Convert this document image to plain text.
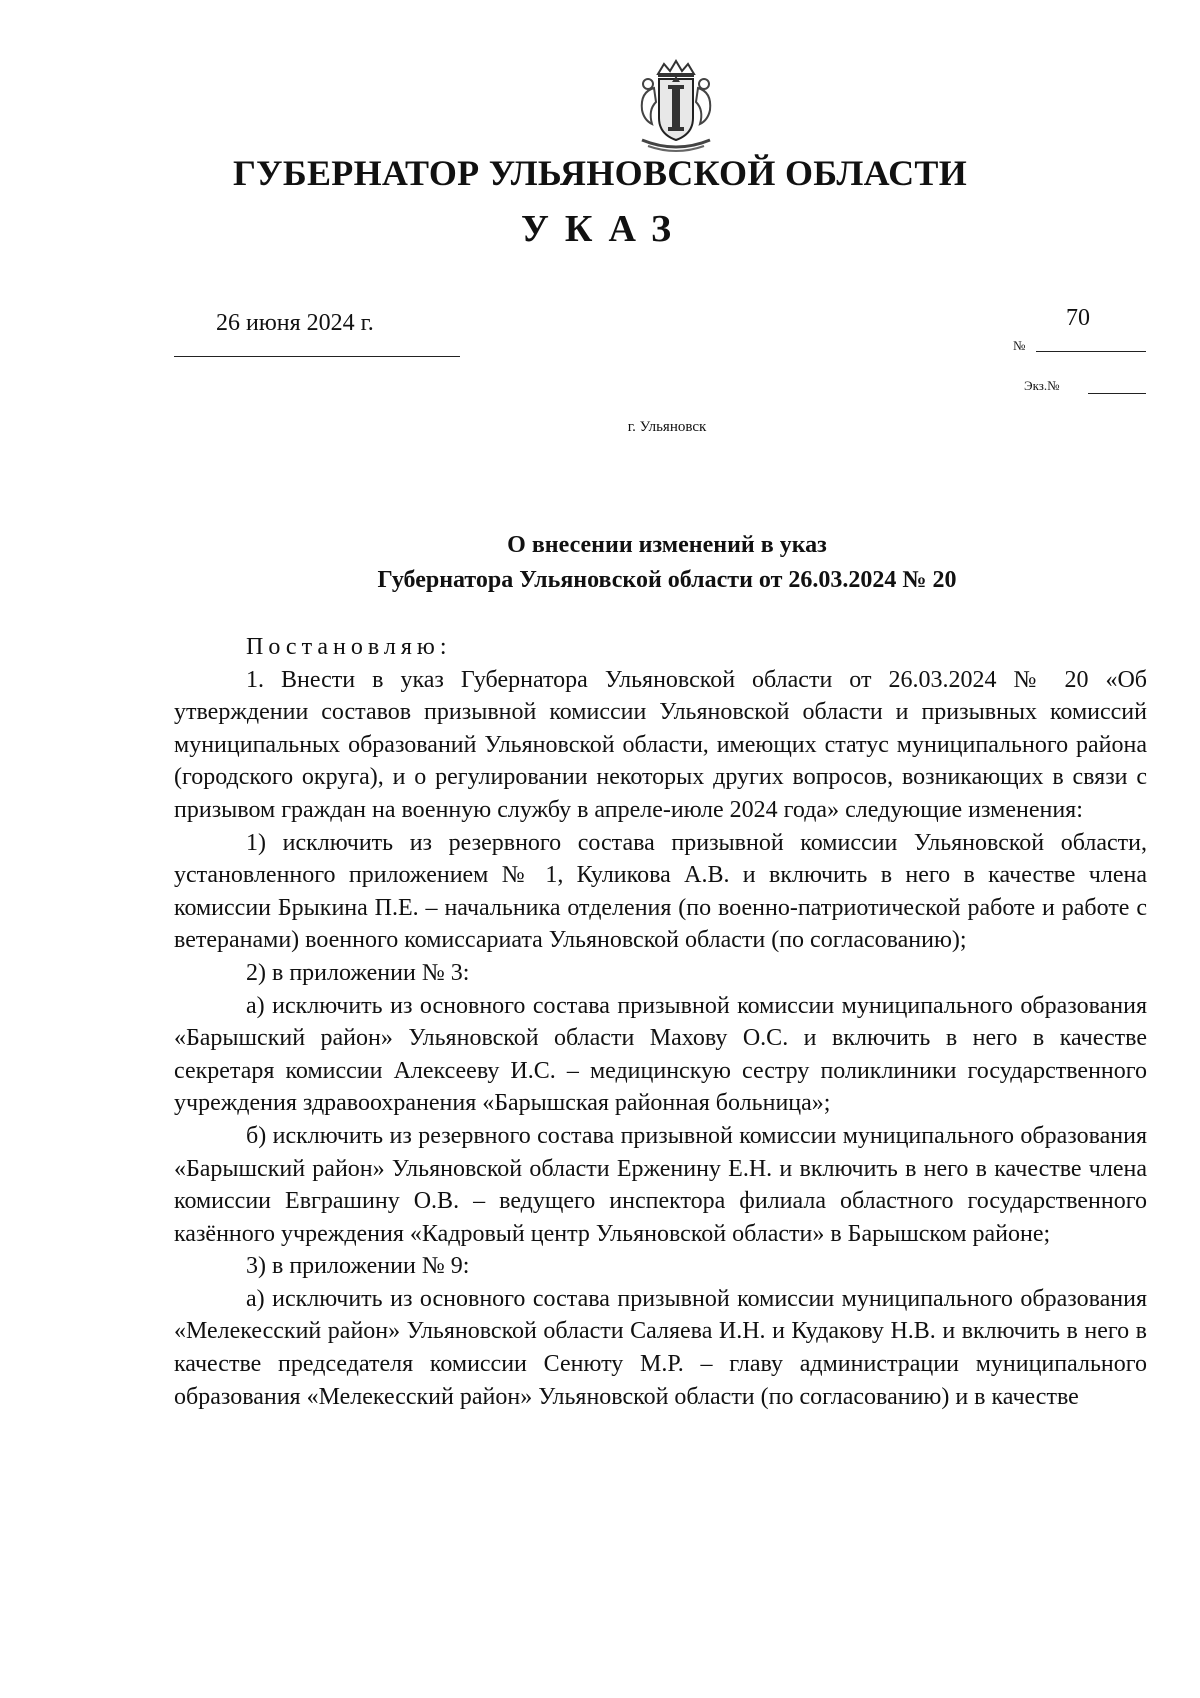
ГУБЕРНАТОР УЛЬЯНОВСКОЙ ОБЛАСТИ
УКАЗ
26 июня 2024 г.
№
70
Экз.№
г. Ульяновск
О внесении изменений в указ
Губернатора Ульяновской области от 26.03.2024 № 20

Постановляю:

1. Внести в указ Губернатора Ульяновской области от 26.03.2024 № 20 «Об утверждении составов призывной комиссии Ульяновской области и призывных комиссий муниципальных образований Ульяновской области, имеющих статус муниципального района (городского округа), и о регулировании некоторых других вопросов, возникающих в связи с призывом граждан на военную службу в апреле-июле 2024 года» следующие изменения:

1) исключить из резервного состава призывной комиссии Ульяновской области, установленного приложением № 1, Куликова А.В. и включить в него в качестве члена комиссии Брыкина П.Е. – начальника отделения (по военно-патриотической работе и работе с ветеранами) военного комиссариата Ульяновской области (по согласованию);

2) в приложении № 3:

а) исключить из основного состава призывной комиссии муниципального образования «Барышский район» Ульяновской области Махову О.С. и включить в него в качестве секретаря комиссии Алексееву И.С. – медицинскую сестру поликлиники государственного учреждения здравоохранения «Барышская районная больница»;

б) исключить из резервного состава призывной комиссии муниципального образования «Барышский район» Ульяновской области Ерженину Е.Н. и включить в него в качестве члена комиссии Евграшину О.В. – ведущего инспектора филиала областного государственного казённого учреждения «Кадровый центр Ульяновской области» в Барышском районе;

3) в приложении № 9:

а) исключить из основного состава призывной комиссии муниципального образования «Мелекесский район» Ульяновской области Саляева И.Н. и Кудакову Н.В. и включить в него в качестве председателя комиссии Сенюту М.Р. – главу администрации муниципального образования «Мелекесский район» Ульяновской области (по согласованию) и в качестве
